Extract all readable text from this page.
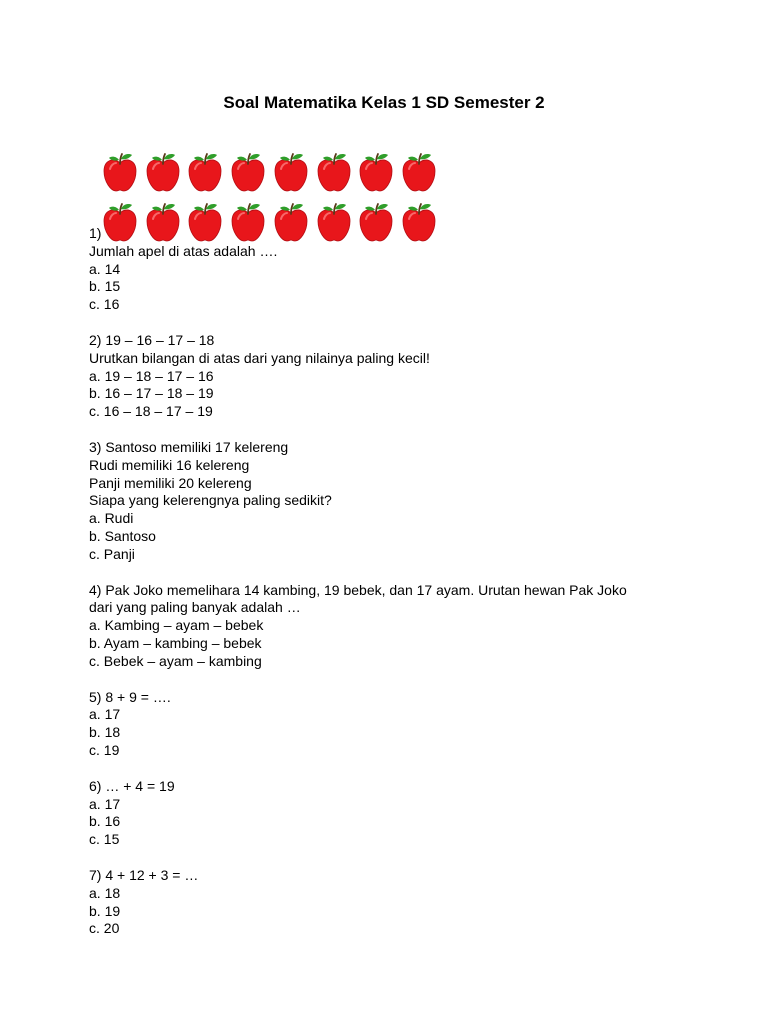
Soal Matematika Kelas 1 SD Semester 2
1)
Jumlah apel di atas adalah ….
a. 14
b. 15
c. 16
2) 19 – 16 – 17 – 18
Urutkan bilangan di atas dari yang nilainya paling kecil!
a. 19 – 18 – 17 – 16
b. 16 – 17 – 18 – 19
c. 16 – 18 – 17 – 19
3) Santoso memiliki 17 kelereng
Rudi memiliki 16 kelereng
Panji memiliki 20 kelereng
Siapa yang kelerengnya paling sedikit?
a. Rudi
b. Santoso
c. Panji
4) Pak Joko memelihara 14 kambing, 19 bebek, dan 17 ayam. Urutan hewan Pak Joko
dari yang paling banyak adalah …
a. Kambing – ayam – bebek
b. Ayam – kambing – bebek
c. Bebek – ayam – kambing
5) 8 + 9 = ….
a. 17
b. 18
c. 19
6) … + 4 = 19
a. 17
b. 16
c. 15
7) 4 + 12 + 3 = …
a. 18
b. 19
c. 20
